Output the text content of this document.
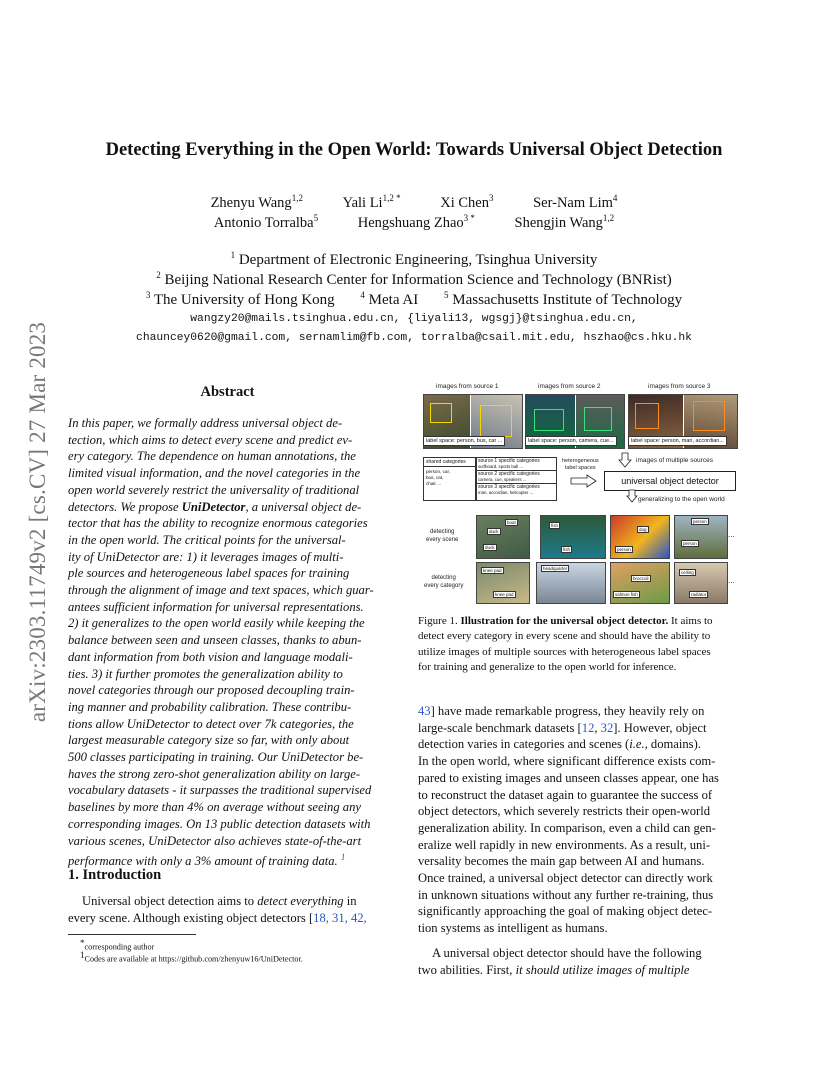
arXiv:2303.11749v2 [cs.CV] 27 Mar 2023
Detecting Everything in the Open World: Towards Universal Object Detection
Zhenyu Wang$^{1,2}$	Yali $Li^{1,2 *}$	Xi Chen$^3$	Ser-Nam Lim$^4$
Antonio Torralba$^5$	Hengshuang Zhao$^{3 *}$	Shengjin Wang$^{1,2}$
$^1$ Department of Electronic Engineering, Tsinghua University
$^2$ Beijing National Research Center for Information Science and Technology (BNRist)
$^3$ The University of Hong Kong	$^4$ Meta AI	$^5$ Massachusetts Institute of Technology
wangzy20@mails.tsinghua.edu.cn, {liyali13, wgsgj}@tsinghua.edu.cn,
chauncey0620@gmail.com, sernamlim@fb.com, torralba@csail.mit.edu, hszhao@cs.hku.hk
Abstract
In this paper, we formally address universal object de-
tection, which aims to detect every scene and predict ev-
ery category. The dependence on human annotations, the
limited visual information, and the novel categories in the
open world severely restrict the universality of traditional
detectors. We propose UniDetector, a universal object de-
tector that has the ability to recognize enormous categories
in the open world. The critical points for the universal-
ity of UniDetector are: 1) it leverages images of multi-
ple sources and heterogeneous label spaces for training
through the alignment of image and text spaces, which guar-
antees sufficient information for universal representations.
2) it generalizes to the open world easily while keeping the
balance between seen and unseen classes, thanks to abun-
dant information from both vision and language modali-
ties. 3) it further promotes the generalization ability to
novel categories through our proposed decoupling train-
ing manner and probability calibration. These contribu-
tions allow UniDetector to detect over 7k categories, the
largest measurable category size so far, with only about
500 classes participating in training. Our UniDetector be-
haves the strong zero-shot generalization ability on large-
vocabulary datasets - it surpasses the traditional supervised
baselines by more than 4% on average without seeing any
corresponding images. On 13 public detection datasets with
various scenes, UniDetector also achieves state-of-the-art
performance with only a 3% amount of training data. $^1$
1. Introduction
Universal object detection aims to detect everything in
every scene. Although existing object detectors [18, 31, 42,
*corresponding author
$^1$Codes are available at https://github.com/zhenyuw16/UniDetector.
images from source 1	images from source 2	images from source 3
label space: person, bus, car ...	label space: person, camera, cue...	label space: person, man, accordian...
shared categories
person, car,
bus, cat,
chair ...
source 1 specific categories
surfboard, sports ball ...
source 2 specific categories
camera, cue, speakers ...
source 3 specific categories
man, accordian, helicopter ...
heterogeneous
label spaces
images of multiple sources
universal object detector
generalizing to the open world
detecting
every scene
boat
duck
duck
fish
fish
dog
person
person
person
...
detecting
every category
knee pad
knee pad
headquarter
broccoli
salmon fish
ceiling
radiator
...
Figure 1. Illustration for the universal object detector. It aims to
detect every category in every scene and should have the ability to
utilize images of multiple sources with heterogeneous label spaces
for training and generalize to the open world for inference.
43] have made remarkable progress, they heavily rely on
large-scale benchmark datasets [12, 32]. However, object
detection varies in categories and scenes (i.e., domains).
In the open world, where significant difference exists com-
pared to existing images and unseen classes appear, one has
to reconstruct the dataset again to guarantee the success of
object detectors, which severely restricts their open-world
generalization ability. In comparison, even a child can gen-
eralize well rapidly in new environments. As a result, uni-
versality becomes the main gap between AI and humans.
Once trained, a universal object detector can directly work
in unknown situations without any further re-training, thus
significantly approaching the goal of making object detec-
tion systems as intelligent as humans.
A universal object detector should have the following
two abilities. First, it should utilize images of multiple
